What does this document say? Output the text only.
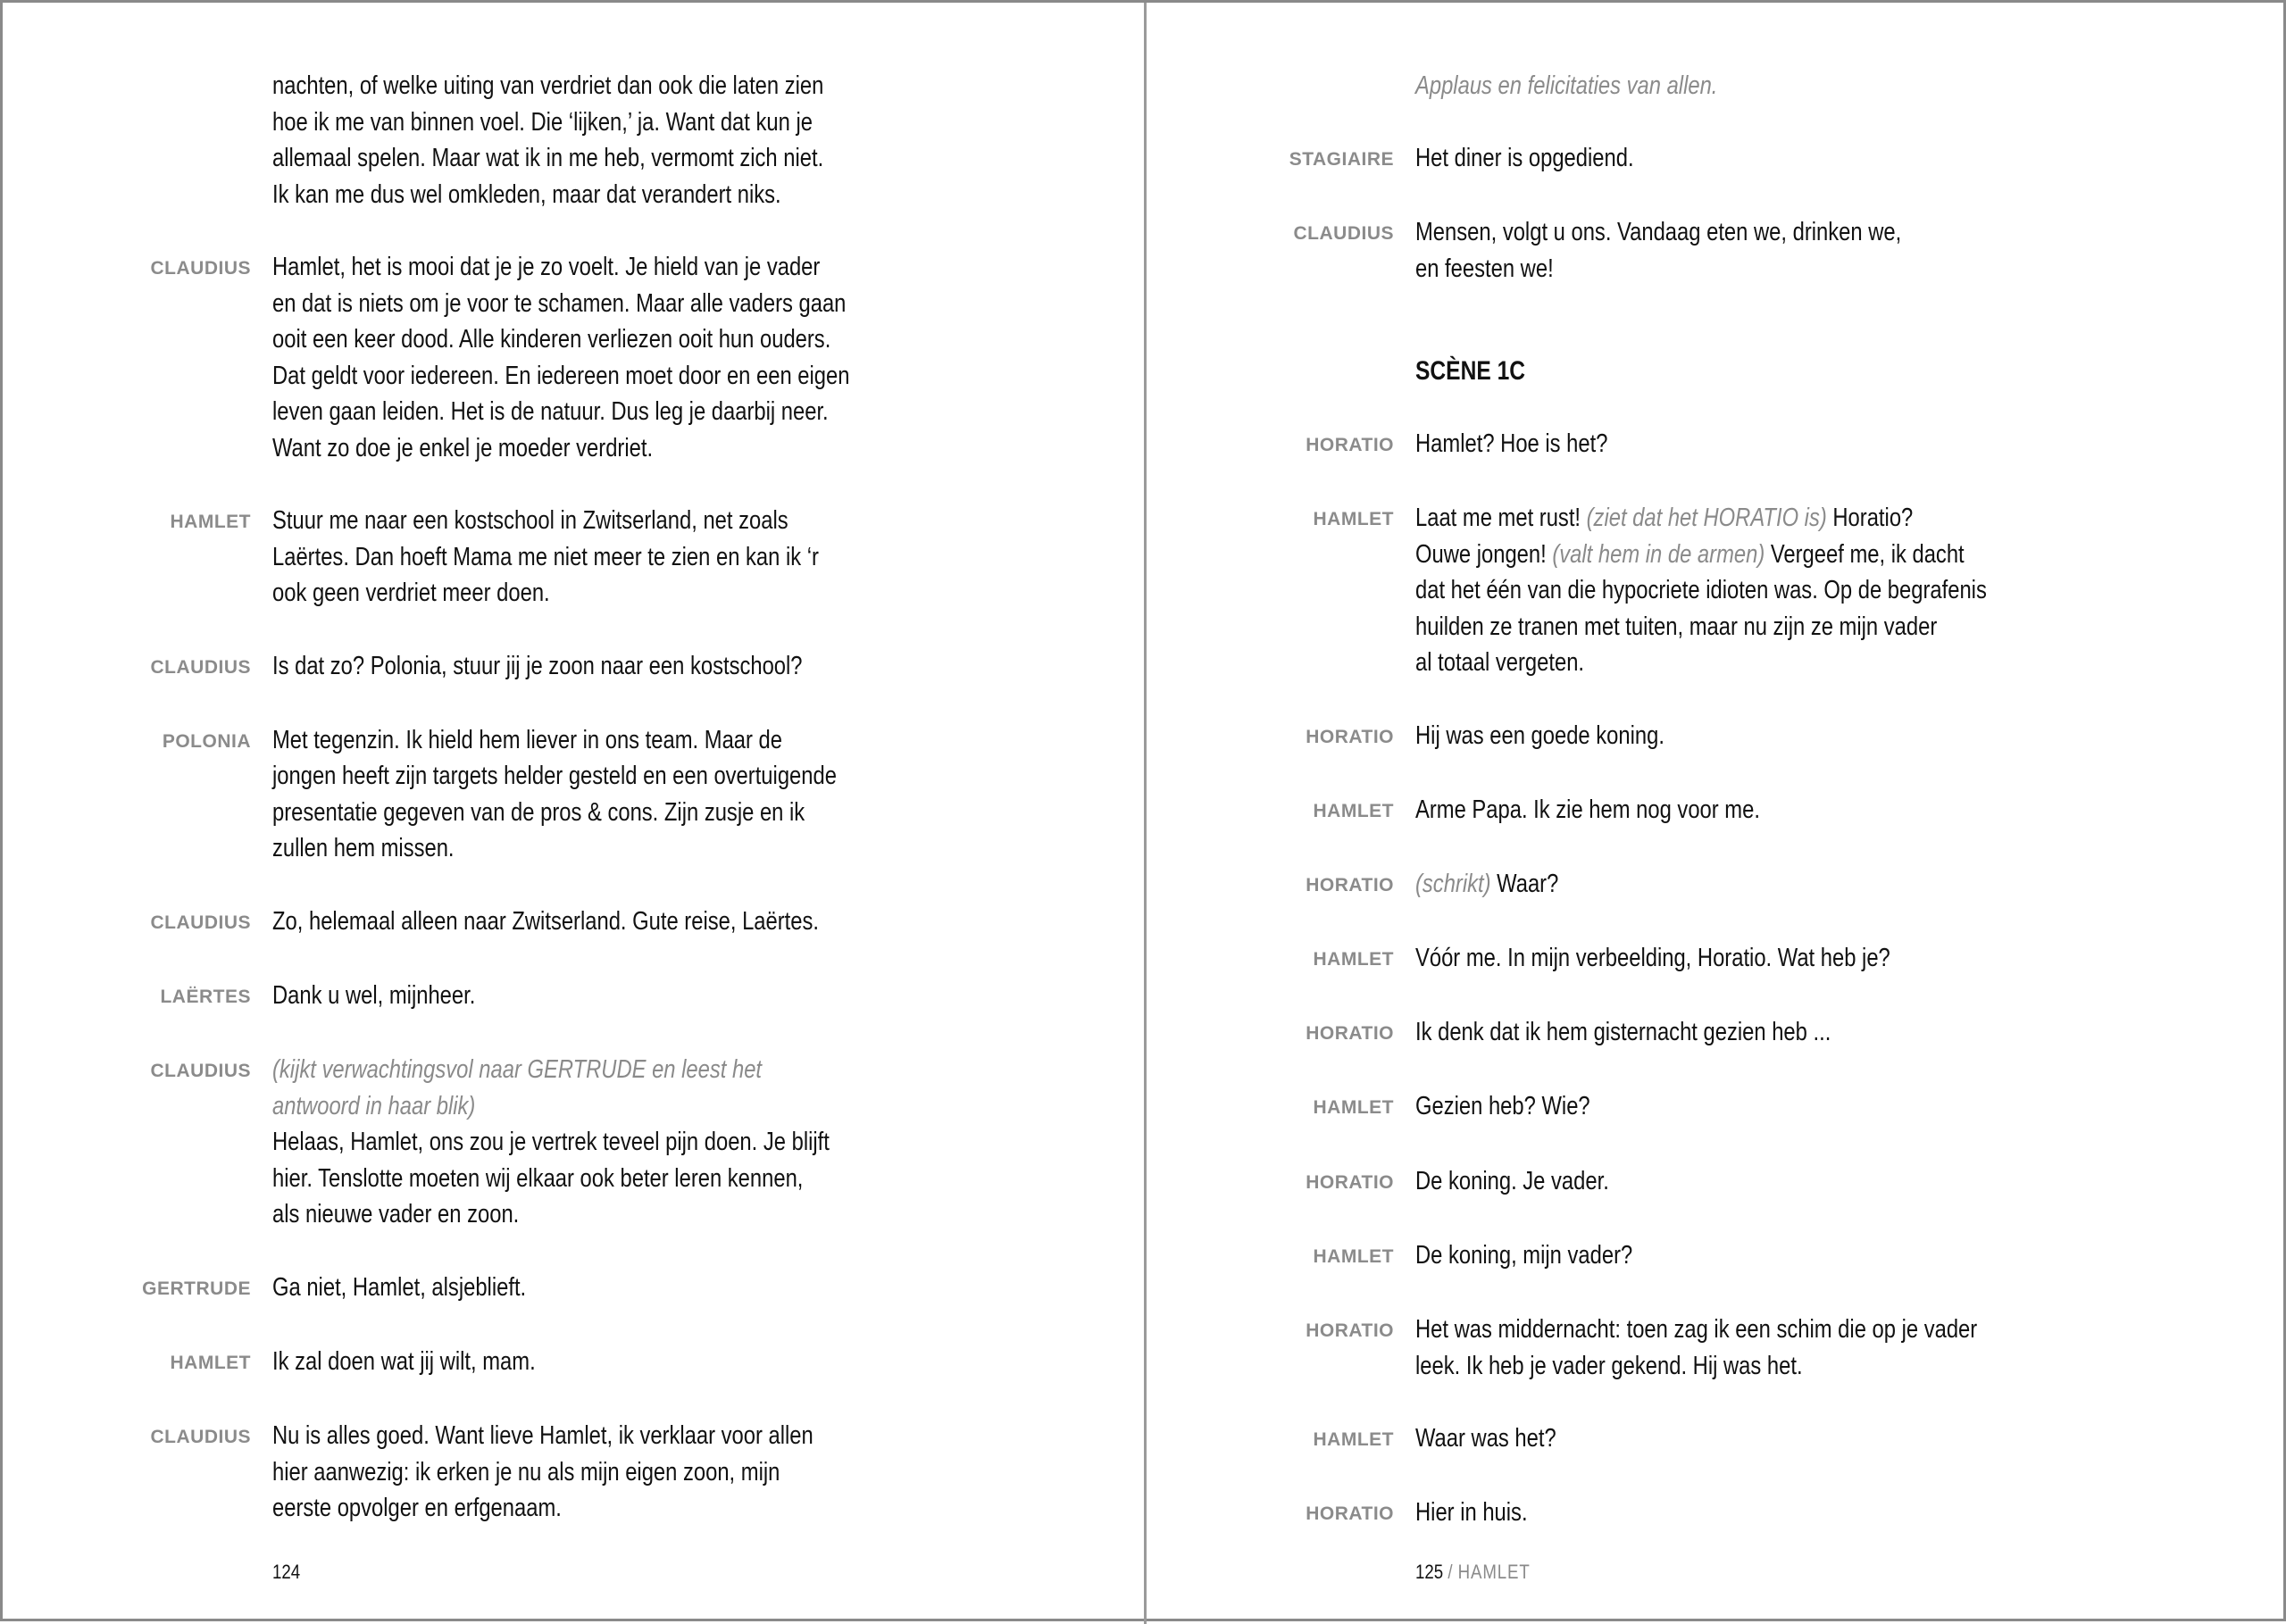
nachten, of welke uiting van verdriet dan ook die laten zien
hoe ik me van binnen voel. Die ‘lijken,’ ja. Want dat kun je
allemaal spelen. Maar wat ik in me heb, vermomt zich niet.
Ik kan me dus wel omkleden, maar dat verandert niks.
CLAUDIUS Hamlet, het is mooi dat je je zo voelt. Je hield van je vader
en dat is niets om je voor te schamen. Maar alle vaders gaan
ooit een keer dood. Alle kinderen verliezen ooit hun ouders.
Dat geldt voor iedereen. En iedereen moet door en een eigen
leven gaan leiden. Het is de natuur. Dus leg je daarbij neer.
Want zo doe je enkel je moeder verdriet.
HAMLET Stuur me naar een kostschool in Zwitserland, net zoals
Laërtes. Dan hoeft Mama me niet meer te zien en kan ik ‘r
ook geen verdriet meer doen.
CLAUDIUS Is dat zo? Polonia, stuur jij je zoon naar een kostschool?
POLONIA Met tegenzin. Ik hield hem liever in ons team. Maar de
jongen heeft zijn targets helder gesteld en een overtuigende
presentatie gegeven van de pros & cons. Zijn zusje en ik
zullen hem missen.
CLAUDIUS Zo, helemaal alleen naar Zwitserland. Gute reise, Laërtes.
LAËRTES Dank u wel, mijnheer.
CLAUDIUS (kijkt verwachtingsvol naar GERTRUDE en leest het
antwoord in haar blik)
Helaas, Hamlet, ons zou je vertrek teveel pijn doen. Je blijft
hier. Tenslotte moeten wij elkaar ook beter leren kennen,
als nieuwe vader en zoon.
GERTRUDE Ga niet, Hamlet, alsjeblieft.
HAMLET Ik zal doen wat jij wilt, mam.
CLAUDIUS Nu is alles goed. Want lieve Hamlet, ik verklaar voor allen
hier aanwezig: ik erken je nu als mijn eigen zoon, mijn
eerste opvolger en erfgenaam.
124
Applaus en felicitaties van allen.
STAGIAIRE Het diner is opgediend.
CLAUDIUS Mensen, volgt u ons. Vandaag eten we, drinken we,
en feesten we!
SCÈNE 1C
HORATIO Hamlet? Hoe is het?
HAMLET Laat me met rust! (ziet dat het HORATIO is) Horatio?
Ouwe jongen! (valt hem in de armen) Vergeef me, ik dacht
dat het één van die hypocriete idioten was. Op de begrafenis
huilden ze tranen met tuiten, maar nu zijn ze mijn vader
al totaal vergeten.
HORATIO Hij was een goede koning.
HAMLET Arme Papa. Ik zie hem nog voor me.
HORATIO (schrikt) Waar?
HAMLET Vóór me. In mijn verbeelding, Horatio. Wat heb je?
HORATIO Ik denk dat ik hem gisternacht gezien heb ...
HAMLET Gezien heb? Wie?
HORATIO De koning. Je vader.
HAMLET De koning, mijn vader?
HORATIO Het was middernacht: toen zag ik een schim die op je vader
leek. Ik heb je vader gekend. Hij was het.
HAMLET Waar was het?
HORATIO Hier in huis.
125 / HAMLET
